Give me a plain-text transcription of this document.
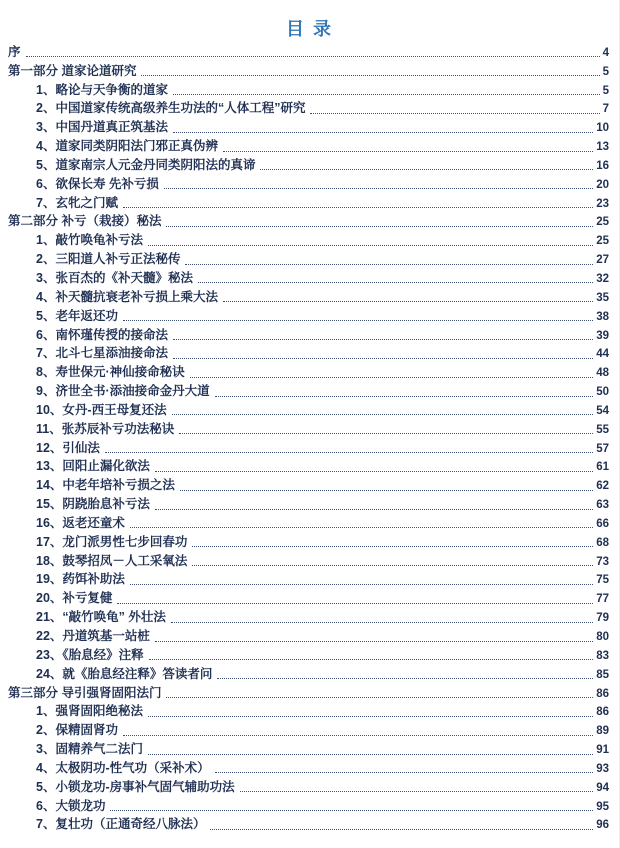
目 录
序	4
第一部分 道家论道研究	5
1、略论与天争衡的道家	5
2、中国道家传统高级养生功法的“人体工程”研究	7
3、中国丹道真正筑基法	10
4、道家同类阴阳法门邪正真伪辨	13
5、道家南宗人元金丹同类阴阳法的真谛	16
6、欲保长寿 先补亏损	20
7、玄牝之门赋	23
第二部分 补亏（栽接）秘法	25
1、敲竹唤龟补亏法	25
2、三阳道人补亏正法秘传	27
3、张百杰的《补天髓》秘法	32
4、补天髓抗衰老补亏损上乘大法	35
5、老年返还功	38
6、南怀瑾传授的接命法	39
7、北斗七星添油接命法	44
8、寿世保元·神仙接命秘诀	48
9、济世全书·添油接命金丹大道	50
10、女丹-西王母复还法	54
11、张苏辰补亏功法秘诀	55
12、引仙法	57
13、回阳止漏化欲法	61
14、中老年培补亏损之法	62
15、阴跷胎息补亏法	63
16、返老还童术	66
17、龙门派男性七步回春功	68
18、鼓琴招凤－人工采氧法	73
19、药饵补助法	75
20、补亏复健	77
21、“敲竹唤龟” 外壮法	79
22、丹道筑基一站桩	80
23、《胎息经》注释	83
24、就《胎息经注释》答读者问	85
第三部分 导引强肾固阳法门	86
1、强肾固阳绝秘法	86
2、保精固肾功	89
3、固精养气二法门	91
4、太极阴功-性气功（采补术）	93
5、小锁龙功-房事补气固气辅助功法	94
6、大锁龙功	95
7、复壮功（正通奇经八脉法）	96
